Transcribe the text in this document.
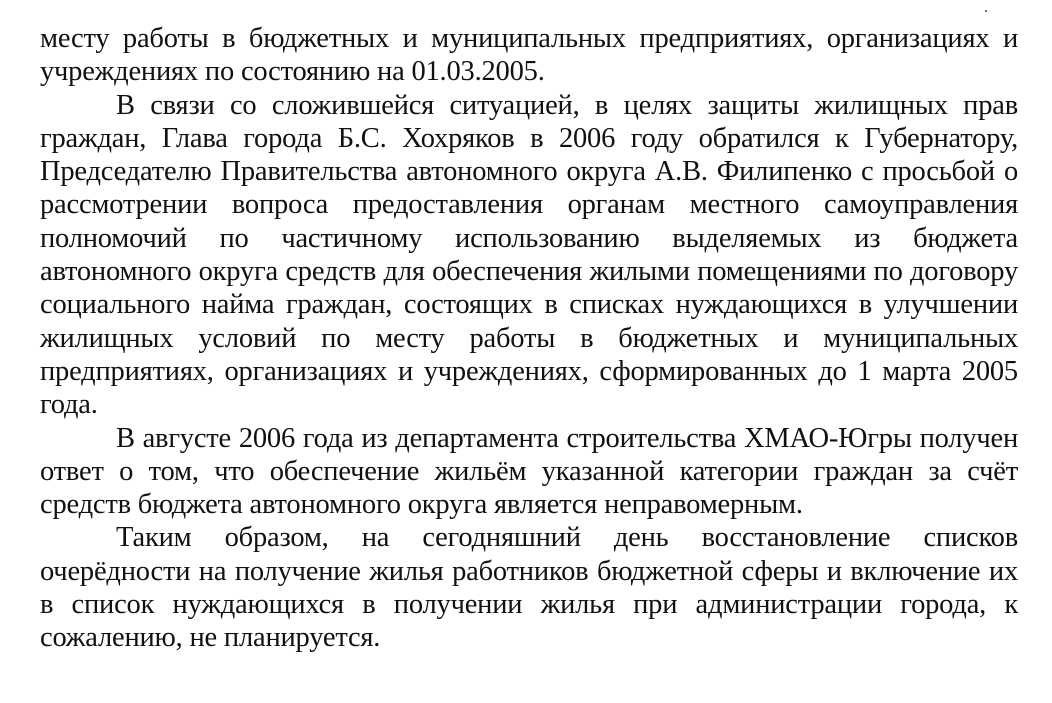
месту работы в бюджетных и муниципальных предприятиях, организациях и учреждениях по состоянию на 01.03.2005.

В связи со сложившейся ситуацией, в целях защиты жилищных прав граждан, Глава города Б.С. Хохряков в 2006 году обратился к Губернатору, Председателю Правительства автономного округа А.В. Филипенко с просьбой о рассмотрении вопроса предоставления органам местного самоуправления полномочий по частичному использованию выделяемых из бюджета автономного округа средств для обеспечения жилыми помещениями по договору социального найма граждан, состоящих в списках нуждающихся в улучшении жилищных условий по месту работы в бюджетных и муниципальных предприятиях, организациях и учреждениях, сформированных до 1 марта 2005 года.

В августе 2006 года из департамента строительства ХМАО-Югры получен ответ о том, что обеспечение жильём указанной категории граждан за счёт средств бюджета автономного округа является неправомерным.

Таким образом, на сегодняшний день восстановление списков очерёдности на получение жилья работников бюджетной сферы и включение их в список нуждающихся в получении жилья при администрации города, к сожалению, не планируется.
